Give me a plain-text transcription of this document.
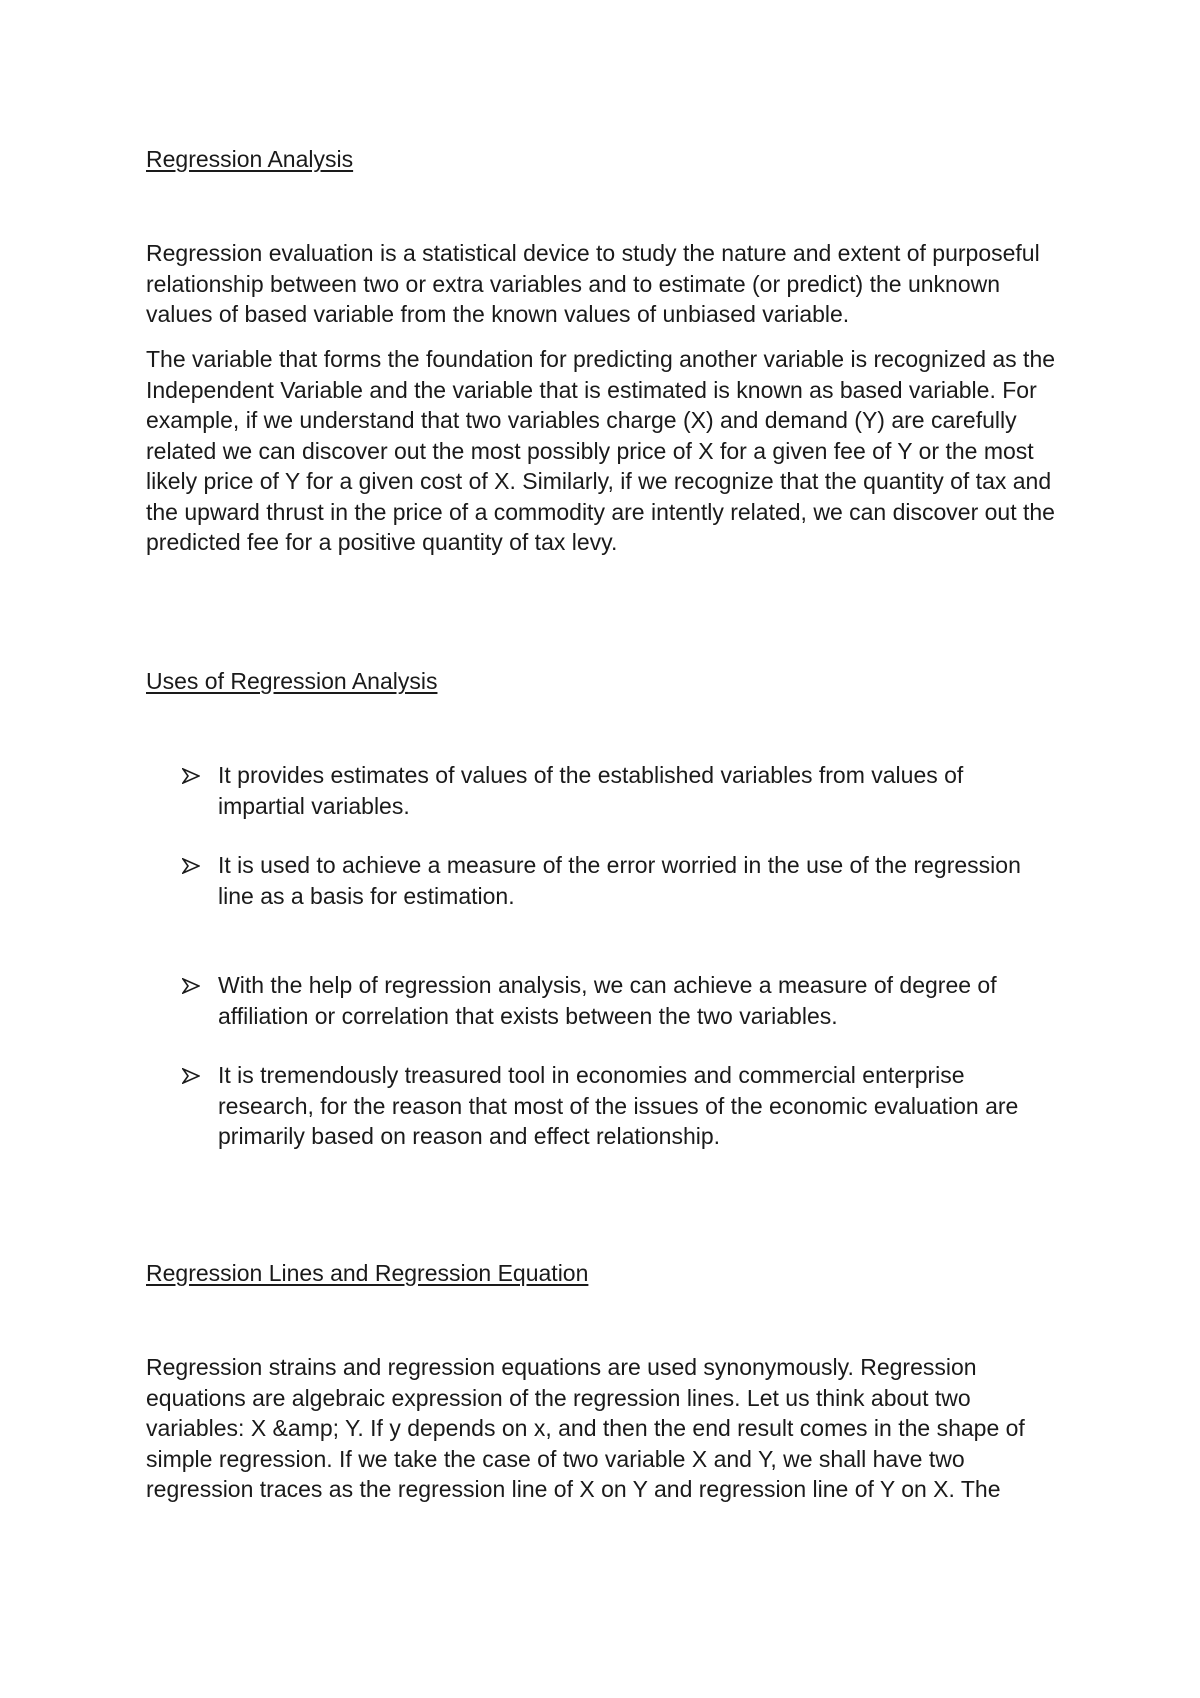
Regression Analysis

Regression evaluation is a statistical device to study the nature and extent of purposeful relationship between two or extra variables and to estimate (or predict) the unknown values of based variable from the known values of unbiased variable.

The variable that forms the foundation for predicting another variable is recognized as the Independent Variable and the variable that is estimated is known as based variable. For example, if we understand that two variables charge (X) and demand (Y) are carefully related we can discover out the most possibly price of X for a given fee of Y or the most likely price of Y for a given cost of X. Similarly, if we recognize that the quantity of tax and the upward thrust in the price of a commodity are intently related, we can discover out the predicted fee for a positive quantity of tax levy.

Uses of Regression Analysis
It provides estimates of values of the established variables from values of impartial variables.
It is used to achieve a measure of the error worried in the use of the regression line as a basis for estimation.
With the help of regression analysis, we can achieve a measure of degree of affiliation or correlation that exists between the two variables.
It is tremendously treasured tool in economies and commercial enterprise research, for the reason that most of the issues of the economic evaluation are primarily based on reason and effect relationship.
Regression Lines and Regression Equation

Regression strains and regression equations are used synonymously. Regression equations are algebraic expression of the regression lines. Let us think about two variables: X &amp; Y. If y depends on x, and then the end result comes in the shape of simple regression. If we take the case of two variable X and Y, we shall have two regression traces as the regression line of X on Y and regression line of Y on X. The
